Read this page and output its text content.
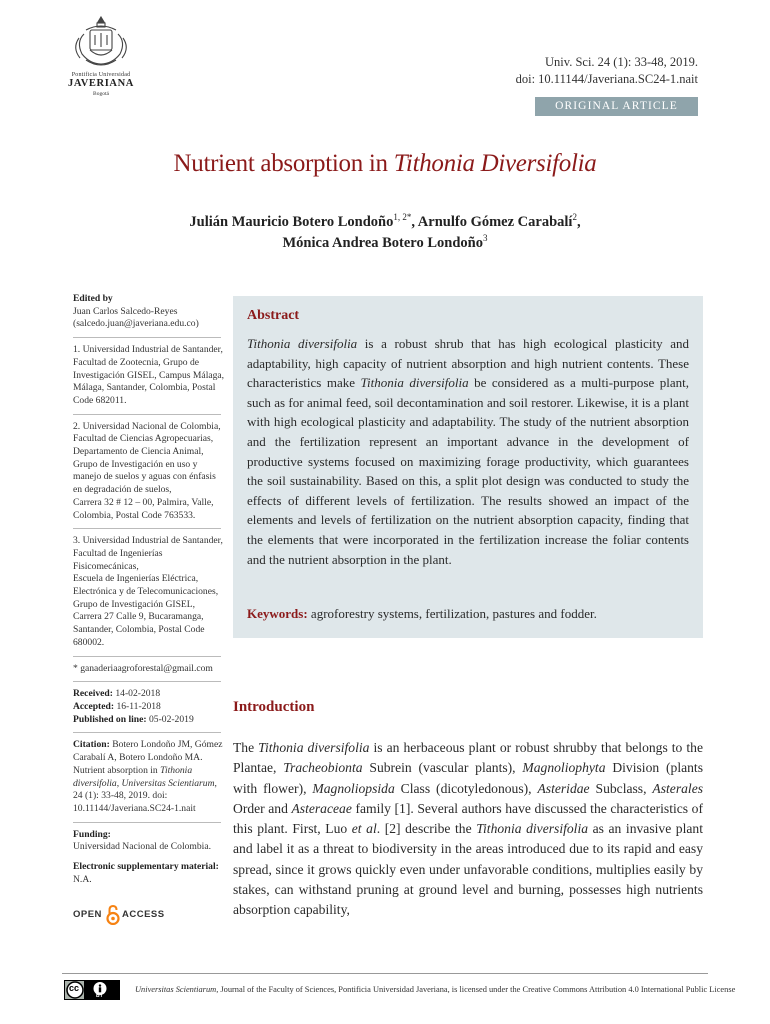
Pontificia Universidad
JAVERIANA
Bogotá
Univ. Sci. 24 (1): 33-48, 2019.
doi: 10.11144/Javeriana.SC24-1.nait
ORIGINAL ARTICLE
Nutrient absorption in Tithonia Diversifolia
Julián Mauricio Botero Londoño$^{1, 2*}$, Arnulfo Gómez Carabalí$^2$,
Mónica Andrea Botero Londoño$^3$
Edited by
Juan Carlos Salcedo-Reyes
(salcedo.juan@javeriana.edu.co)
1. Universidad Industrial de Santander,
Facultad de Zootecnia, Grupo de
Investigación GISEL, Campus Málaga,
Málaga, Santander, Colombia, Postal
Code 682011.
2. Universidad Nacional de Colombia,
Facultad de Ciencias Agropecuarias,
Departamento de Ciencia Animal,
Grupo de Investigación en uso y
manejo de suelos y aguas con énfasis
en degradación de suelos,
Carrera 32 # 12 – 00, Palmira, Valle,
Colombia, Postal Code 763533.
3. Universidad Industrial de Santander,
Facultad de Ingenierías Fisicomecánicas,
Escuela de Ingenierías Eléctrica,
Electrónica y de Telecomunicaciones,
Grupo de Investigación GISEL,
Carrera 27 Calle 9, Bucaramanga,
Santander, Colombia, Postal Code
680002.
* ganaderiaagroforestal@gmail.com
Received: 14-02-2018
Accepted: 16-11-2018
Published on line: 05-02-2019
Citation: Botero Londoño JM, Gómez Carabalí A, Botero Londoño MA. Nutrient absorption in Tithonia diversifolia, Universitas Scientiarum, 24 (1): 33-48, 2019. doi: 10.11144/Javeriana.SC24-1.nait
Funding:
Universidad Nacional de Colombia.
Electronic supplementary material:
N.A.
OPEN ACCESS
Abstract
Tithonia diversifolia is a robust shrub that has high ecological plasticity and adaptability, high capacity of nutrient absorption and high nutrient contents. These characteristics make Tithonia diversifolia be considered as a multi-purpose plant, such as for animal feed, soil decontamination and soil restorer. Likewise, it is a plant with high ecological plasticity and adaptability. The study of the nutrient absorption and the fertilization represent an important advance in the development of productive systems focused on maximizing forage productivity, which guarantees the soil sustainability. Based on this, a split plot design was conducted to study the effects of different levels of fertilization. The results showed an impact of the elements and levels of fertilization on the nutrient absorption capacity, finding that the elements that were incorporated in the fertilization increase the foliar contents and the nutrient absorption in the plant.
Keywords: agroforestry systems, fertilization, pastures and fodder.
Introduction
The Tithonia diversifolia is an herbaceous plant or robust shrubby that belongs to the Plantae, Tracheobionta Subrein (vascular plants), Magnoliophyta Division (plants with flower), Magnoliopsida Class (dicotyledonous), Asteridae Subclass, Asterales Order and Asteraceae family [1]. Several authors have discussed the characteristics of this plant. First, Luo et al. [2] describe the Tithonia diversifolia as an invasive plant and label it as a threat to biodiversity in the areas introduced due to its rapid and easy spread, since it grows quickly even under unfavorable conditions, multiplies easily by stakes, can withstand pruning at ground level and burning, possesses high nutrients absorption capability,
cc
BY
Universitas Scientiarum, Journal of the Faculty of Sciences, Pontificia Universidad Javeriana, is licensed under the Creative Commons Attribution 4.0 International Public License
